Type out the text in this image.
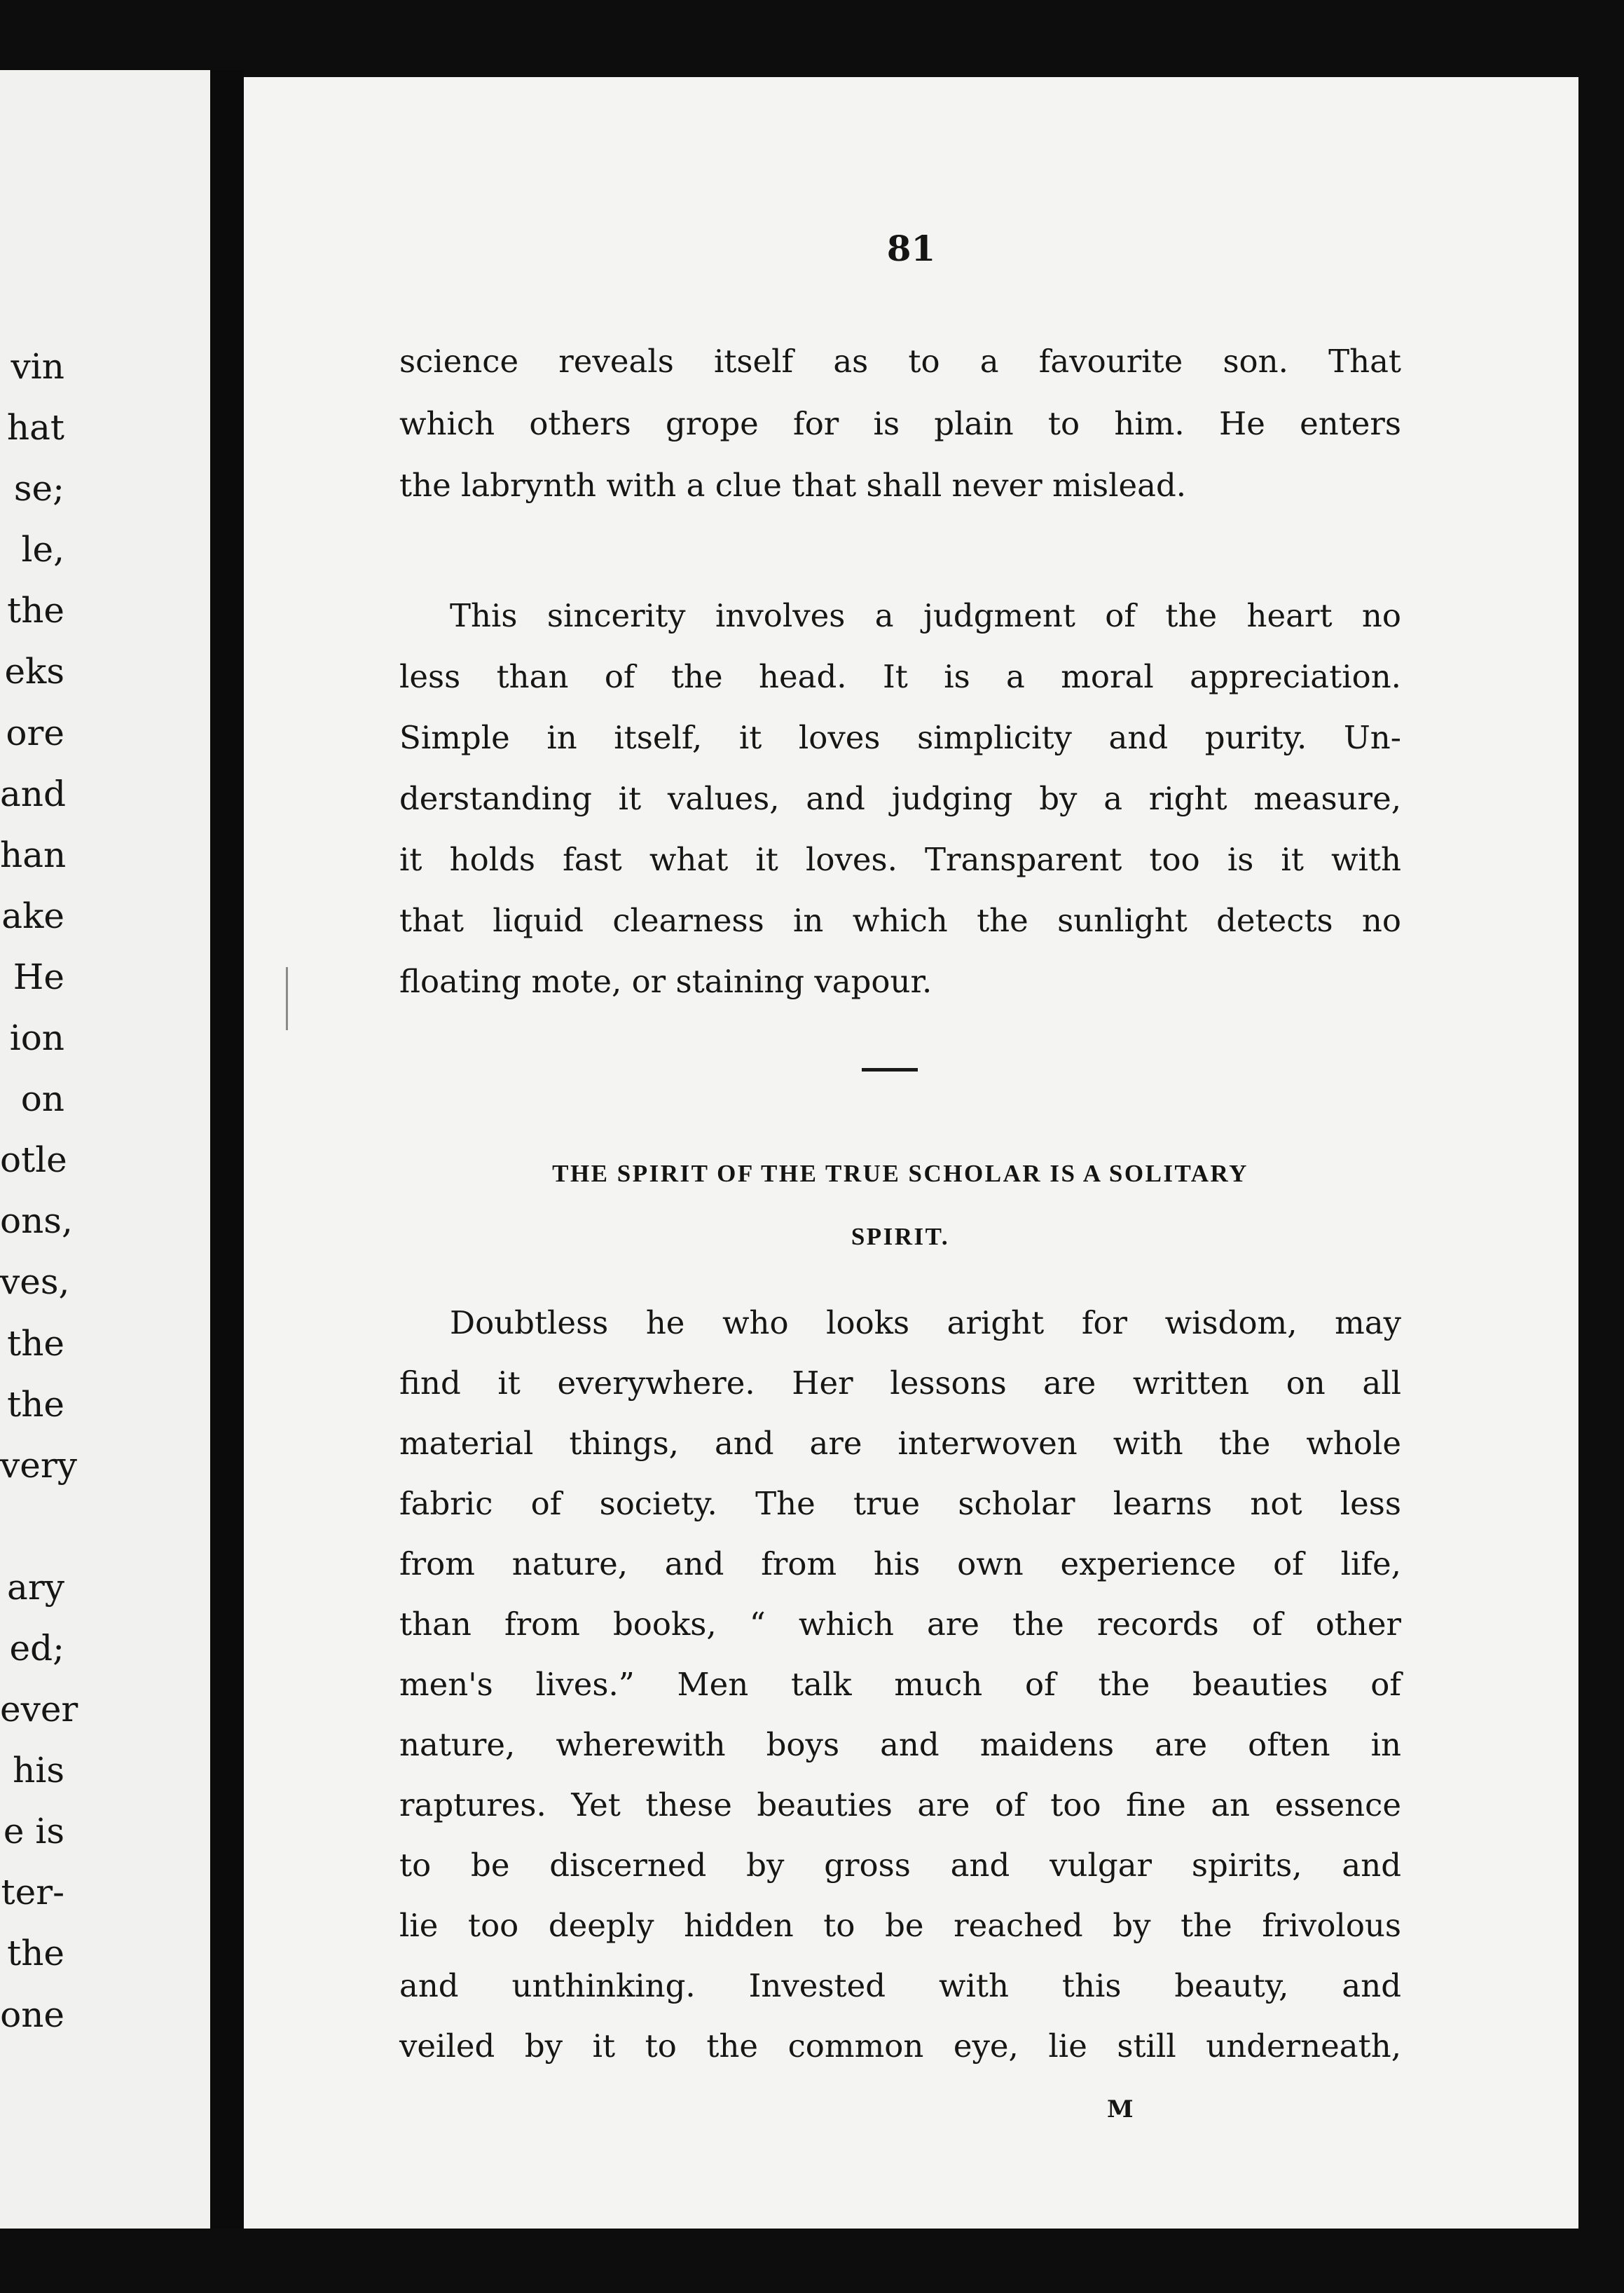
vin
hat
se;
le,
the
eks
ore
and
han
ake
He
ion
on
otle
ons,
ves,
the
the
very
ary
ed;
ever
his
e is
ter-
the
one
81

science reveals itself as to a favourite son. That
which others grope for is plain to him. He enters
the labrynth with a clue that shall never mislead.

This sincerity involves a judgment of the heart no
less than of the head. It is a moral appreciation.
Simple in itself, it loves simplicity and purity. Un-
derstanding it values, and judging by a right measure,
it holds fast what it loves. Transparent too is it with
that liquid clearness in which the sunlight detects no
floating mote, or staining vapour.

THE SPIRIT OF THE TRUE SCHOLAR IS A SOLITARY
SPIRIT.

Doubtless he who looks aright for wisdom, may
find it everywhere. Her lessons are written on all
material things, and are interwoven with the whole
fabric of society. The true scholar learns not less
from nature, and from his own experience of life,
than from books, “ which are the records of other
men's lives.” Men talk much of the beauties of
nature, wherewith boys and maidens are often in
raptures. Yet these beauties are of too fine an essence
to be discerned by gross and vulgar spirits, and
lie too deeply hidden to be reached by the frivolous
and unthinking. Invested with this beauty, and
veiled by it to the common eye, lie still underneath,

M
